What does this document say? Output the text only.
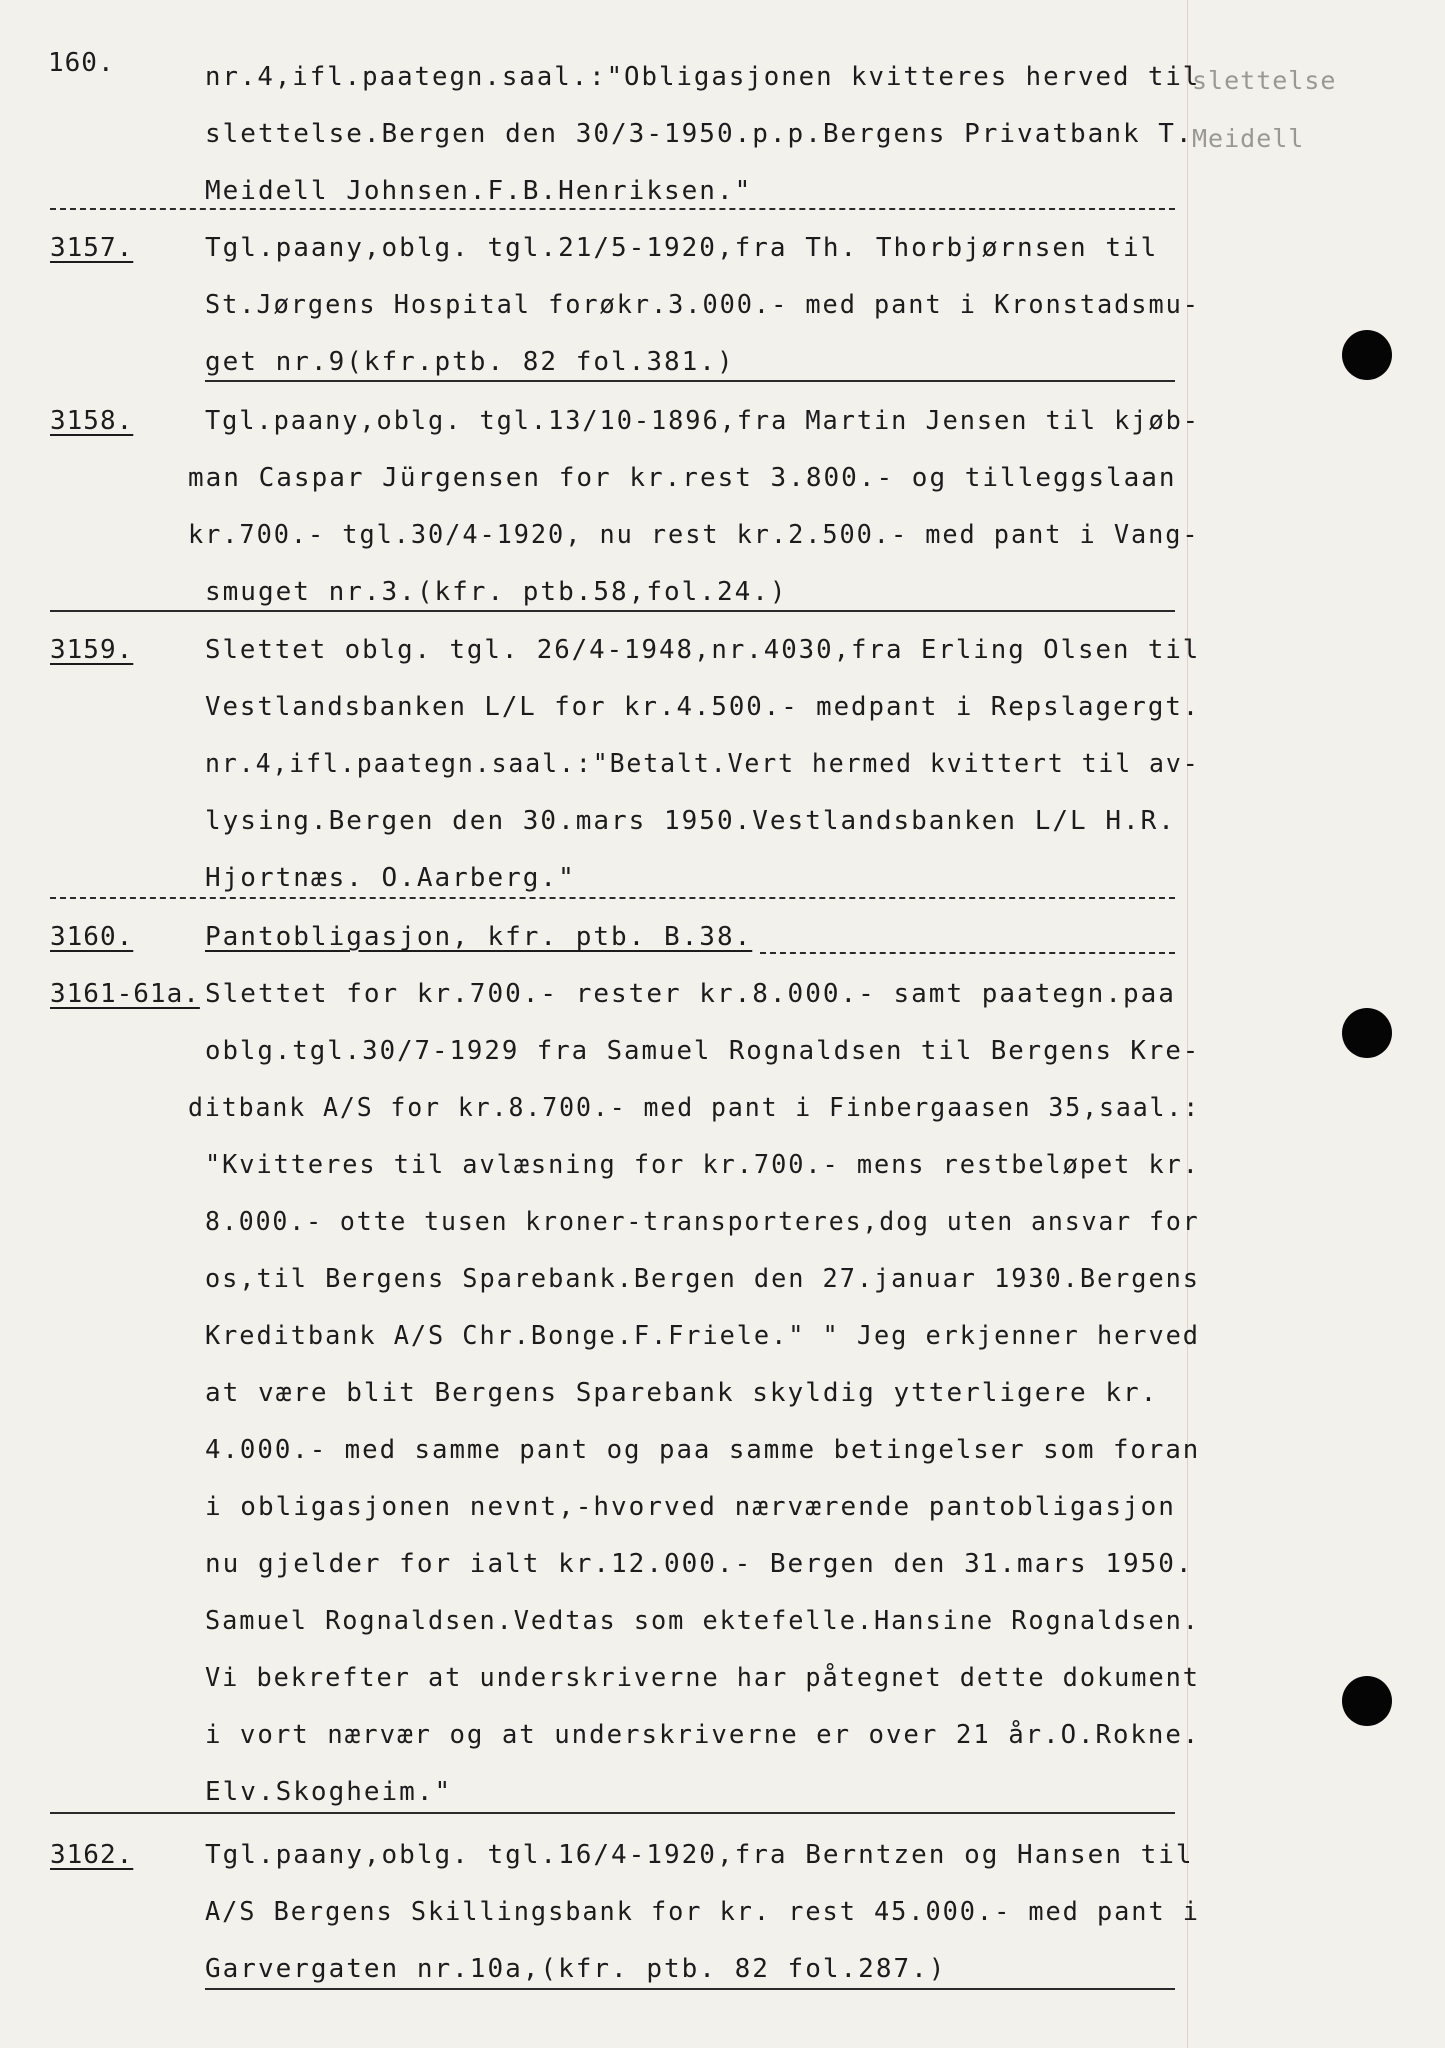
160.
slettelse
Meidell
nr.4,ifl.paategn.saal.:"Obligasjonen kvitteres herved til
slettelse.Bergen den 30/3-1950.p.p.Bergens Privatbank T.
Meidell Johnsen.F.B.Henriksen."
3157.	Tgl.paany,oblg. tgl.21/5-1920,fra Th. Thorbjørnsen til
St.Jørgens Hospital forøkr.3.000.- med pant i Kronstadsmu-
get nr.9(kfr.ptb. 82 fol.381.)
3158.	Tgl.paany,oblg. tgl.13/10-1896,fra Martin Jensen til kjøb-
man Caspar Jürgensen for kr.rest 3.800.- og tilleggslaan
kr.700.- tgl.30/4-1920, nu rest kr.2.500.- med pant i Vang-
smuget nr.3.(kfr. ptb.58,fol.24.)
3159.	Slettet oblg. tgl. 26/4-1948,nr.4030,fra Erling Olsen til
Vestlandsbanken L/L for kr.4.500.- medpant i Repslagergt.
nr.4,ifl.paategn.saal.:"Betalt.Vert hermed kvittert til av-
lysing.Bergen den 30.mars 1950.Vestlandsbanken L/L H.R.
Hjortnæs. O.Aarberg."
3160.	Pantobligasjon, kfr. ptb. B.38.
3161-61a. Slettet for kr.700.- rester kr.8.000.- samt paategn.paa
oblg.tgl.30/7-1929 fra Samuel Rognaldsen til Bergens Kre-
ditbank A/S for kr.8.700.- med pant i Finbergaasen 35,saal.:
"Kvitteres til avlæsning for kr.700.- mens restbeløpet kr.
8.000.- otte tusen kroner-transporteres,dog uten ansvar for
os,til Bergens Sparebank.Bergen den 27.januar 1930.Bergens
Kreditbank A/S Chr.Bonge.F.Friele." " Jeg erkjenner herved
at være blit Bergens Sparebank skyldig ytterligere kr.
4.000.- med samme pant og paa samme betingelser som foran
i obligasjonen nevnt,-hvorved nærværende pantobligasjon
nu gjelder for ialt kr.12.000.- Bergen den 31.mars 1950.
Samuel Rognaldsen.Vedtas som ektefelle.Hansine Rognaldsen.
Vi bekrefter at underskriverne har påtegnet dette dokument
i vort nærvær og at underskriverne er over 21 år.O.Rokne.
Elv.Skogheim."
3162.	Tgl.paany,oblg. tgl.16/4-1920,fra Berntzen og Hansen til
A/S Bergens Skillingsbank for kr. rest 45.000.- med pant i
Garvergaten nr.10a,(kfr. ptb. 82 fol.287.)
